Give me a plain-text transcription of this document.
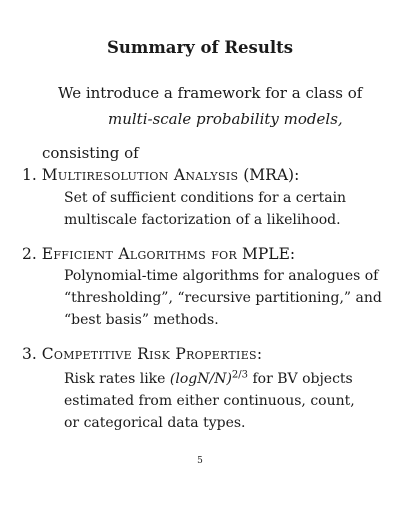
Summary of Results
We introduce a framework for a class of
multi-scale probability models,
consisting of
1. Multiresolution Analysis (MRA):
Set of sufficient conditions for a certain
multiscale factorization of a likelihood.
2. Efficient Algorithms for MPLE:
Polynomial-time algorithms for analogues of
“thresholding”, “recursive partitioning,” and
“best basis” methods.
3. Competitive Risk Properties:
Risk rates like $(\log N/N)^{2/3}$ for BV objects
estimated from either continuous, count,
or categorical data types.
5
